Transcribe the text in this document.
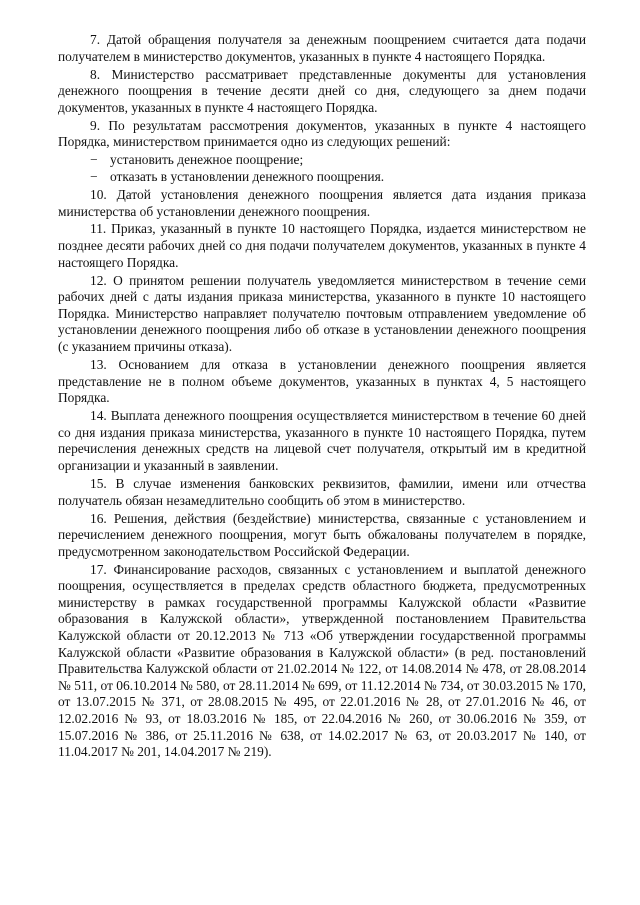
7. Датой обращения получателя за денежным поощрением считается дата подачи получателем в министерство документов, указанных в пункте 4 настоящего Порядка.

8. Министерство рассматривает представленные документы для установления денежного поощрения в течение десяти дней со дня, следующего за днем подачи документов, указанных в пункте 4 настоящего Порядка.

9. По результатам рассмотрения документов, указанных в пункте 4 настоящего Порядка, министерством принимается одно из следующих решений:

− установить денежное поощрение;
− отказать в установлении денежного поощрения.

10. Датой установления денежного поощрения является дата издания приказа министерства об установлении денежного поощрения.

11. Приказ, указанный в пункте 10 настоящего Порядка, издается министерством не позднее десяти рабочих дней со дня подачи получателем документов, указанных в пункте 4 настоящего Порядка.

12. О принятом решении получатель уведомляется министерством в течение семи рабочих дней с даты издания приказа министерства, указанного в пункте 10 настоящего Порядка. Министерство направляет получателю почтовым отправлением уведомление об установлении денежного поощрения либо об отказе в установлении денежного поощрения (с указанием причины отказа).

13. Основанием для отказа в установлении денежного поощрения является представление не в полном объеме документов, указанных в пунктах 4, 5 настоящего Порядка.

14. Выплата денежного поощрения осуществляется министерством в течение 60 дней со дня издания приказа министерства, указанного в пункте 10 настоящего Порядка, путем перечисления денежных средств на лицевой счет получателя, открытый им в кредитной организации и указанный в заявлении.

15. В случае изменения банковских реквизитов, фамилии, имени или отчества получатель обязан незамедлительно сообщить об этом в министерство.

16. Решения, действия (бездействие) министерства, связанные с установлением и перечислением денежного поощрения, могут быть обжалованы получателем в порядке, предусмотренном законодательством Российской Федерации.

17. Финансирование расходов, связанных с установлением и выплатой денежного поощрения, осуществляется в пределах средств областного бюджета, предусмотренных министерству в рамках государственной программы Калужской области «Развитие образования в Калужской области», утвержденной постановлением Правительства Калужской области от 20.12.2013 № 713 «Об утверждении государственной программы Калужской области «Развитие образования в Калужской области» (в ред. постановлений Правительства Калужской области от 21.02.2014 № 122, от 14.08.2014 № 478, от 28.08.2014 № 511, от 06.10.2014 № 580, от 28.11.2014 № 699, от 11.12.2014 № 734, от 30.03.2015 № 170, от 13.07.2015 № 371, от 28.08.2015 № 495, от 22.01.2016 № 28, от 27.01.2016 № 46, от 12.02.2016 № 93, от 18.03.2016 № 185, от 22.04.2016 № 260, от 30.06.2016 № 359, от 15.07.2016 № 386, от 25.11.2016 № 638, от 14.02.2017 № 63, от 20.03.2017 № 140, от 11.04.2017 № 201, 14.04.2017 № 219).
